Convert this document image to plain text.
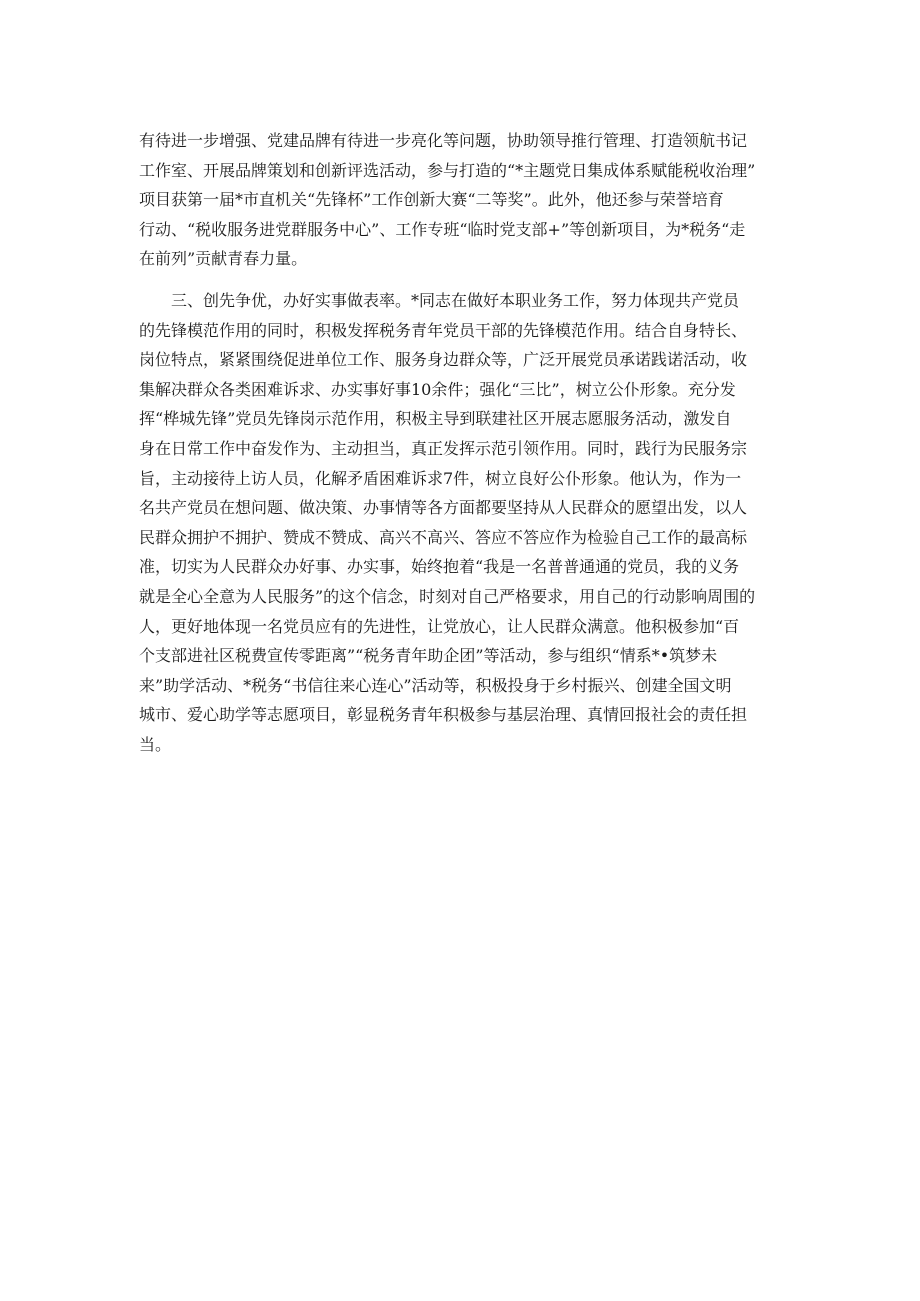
有待进一步增强、党建品牌有待进一步亮化等问题，协助领导推行管理、打造领航书记
工作室、开展品牌策划和创新评选活动，参与打造的“*主题党日集成体系赋能税收治理”
项目获第一届*市直机关“先锋杯”工作创新大赛“二等奖”。此外，他还参与荣誉培育
行动、“税收服务进党群服务中心”、工作专班“临时党支部+”等创新项目，为*税务“走
在前列”贡献青春力量。
三、创先争优，办好实事做表率。*同志在做好本职业务工作，努力体现共产党员
的先锋模范作用的同时，积极发挥税务青年党员干部的先锋模范作用。结合自身特长、
岗位特点，紧紧围绕促进单位工作、服务身边群众等，广泛开展党员承诺践诺活动，收
集解决群众各类困难诉求、办实事好事10余件；强化“三比”，树立公仆形象。充分发
挥“桦城先锋”党员先锋岗示范作用，积极主导到联建社区开展志愿服务活动，激发自
身在日常工作中奋发作为、主动担当，真正发挥示范引领作用。同时，践行为民服务宗
旨，主动接待上访人员，化解矛盾困难诉求7件，树立良好公仆形象。他认为，作为一
名共产党员在想问题、做决策、办事情等各方面都要坚持从人民群众的愿望出发，以人
民群众拥护不拥护、赞成不赞成、高兴不高兴、答应不答应作为检验自己工作的最高标
准，切实为人民群众办好事、办实事，始终抱着“我是一名普普通通的党员，我的义务
就是全心全意为人民服务”的这个信念，时刻对自己严格要求，用自己的行动影响周围的
人，更好地体现一名党员应有的先进性，让党放心，让人民群众满意。他积极参加“百
个支部进社区税费宣传零距离”“税务青年助企团”等活动，参与组织“情系*•筑梦未
来”助学活动、*税务“书信往来心连心”活动等，积极投身于乡村振兴、创建全国文明
城市、爱心助学等志愿项目，彰显税务青年积极参与基层治理、真情回报社会的责任担
当。
